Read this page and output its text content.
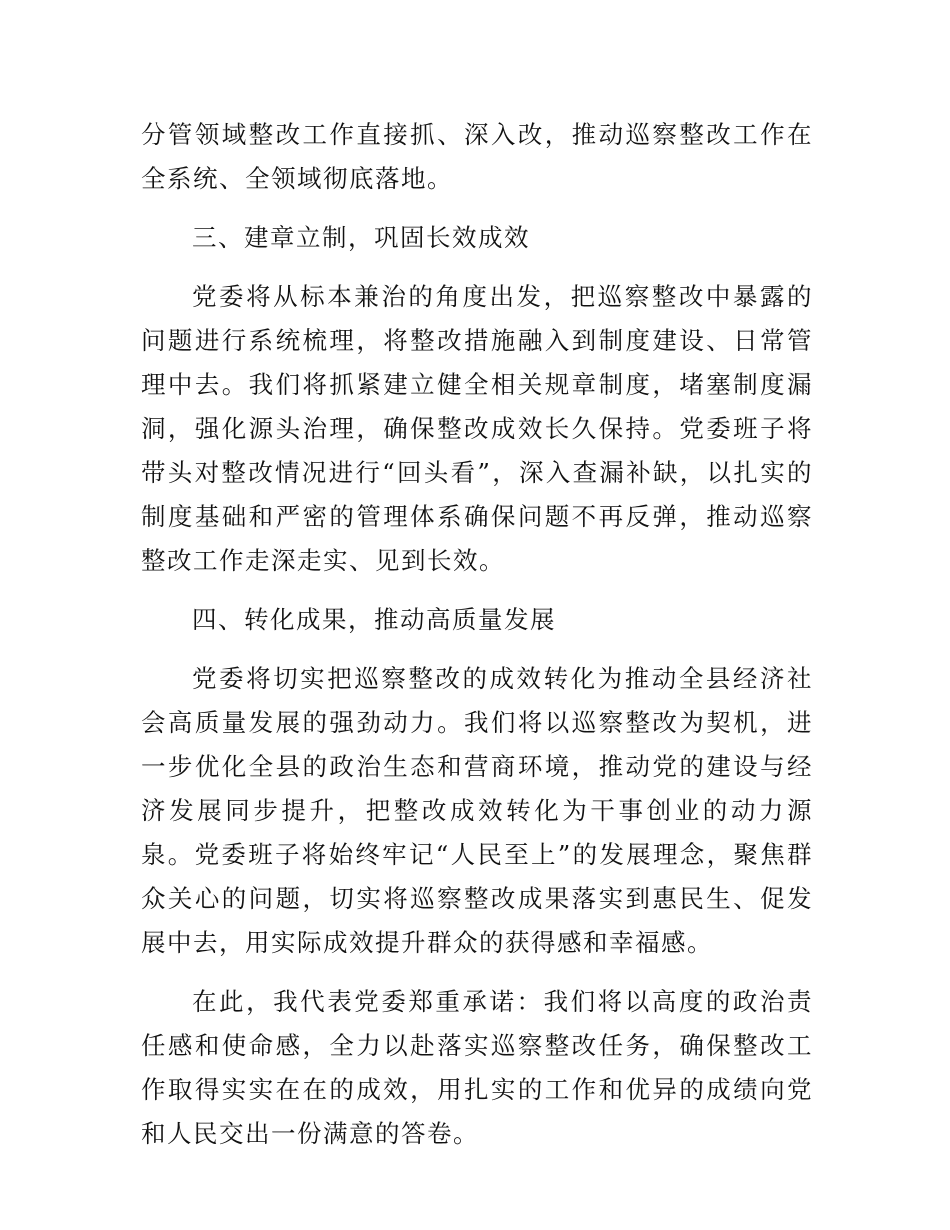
分管领域整改工作直接抓、深入改，推动巡察整改工作在全系统、全领域彻底落地。

三、建章立制，巩固长效成效

党委将从标本兼治的角度出发，把巡察整改中暴露的问题进行系统梳理，将整改措施融入到制度建设、日常管理中去。我们将抓紧建立健全相关规章制度，堵塞制度漏洞，强化源头治理，确保整改成效长久保持。党委班子将带头对整改情况进行“回头看”，深入查漏补缺，以扎实的制度基础和严密的管理体系确保问题不再反弹，推动巡察整改工作走深走实、见到长效。

四、转化成果，推动高质量发展

党委将切实把巡察整改的成效转化为推动全县经济社会高质量发展的强劲动力。我们将以巡察整改为契机，进一步优化全县的政治生态和营商环境，推动党的建设与经济发展同步提升，把整改成效转化为干事创业的动力源泉。党委班子将始终牢记“人民至上”的发展理念，聚焦群众关心的问题，切实将巡察整改成果落实到惠民生、促发展中去，用实际成效提升群众的获得感和幸福感。

在此，我代表党委郑重承诺：我们将以高度的政治责任感和使命感，全力以赴落实巡察整改任务，确保整改工作取得实实在在的成效，用扎实的工作和优异的成绩向党和人民交出一份满意的答卷。
